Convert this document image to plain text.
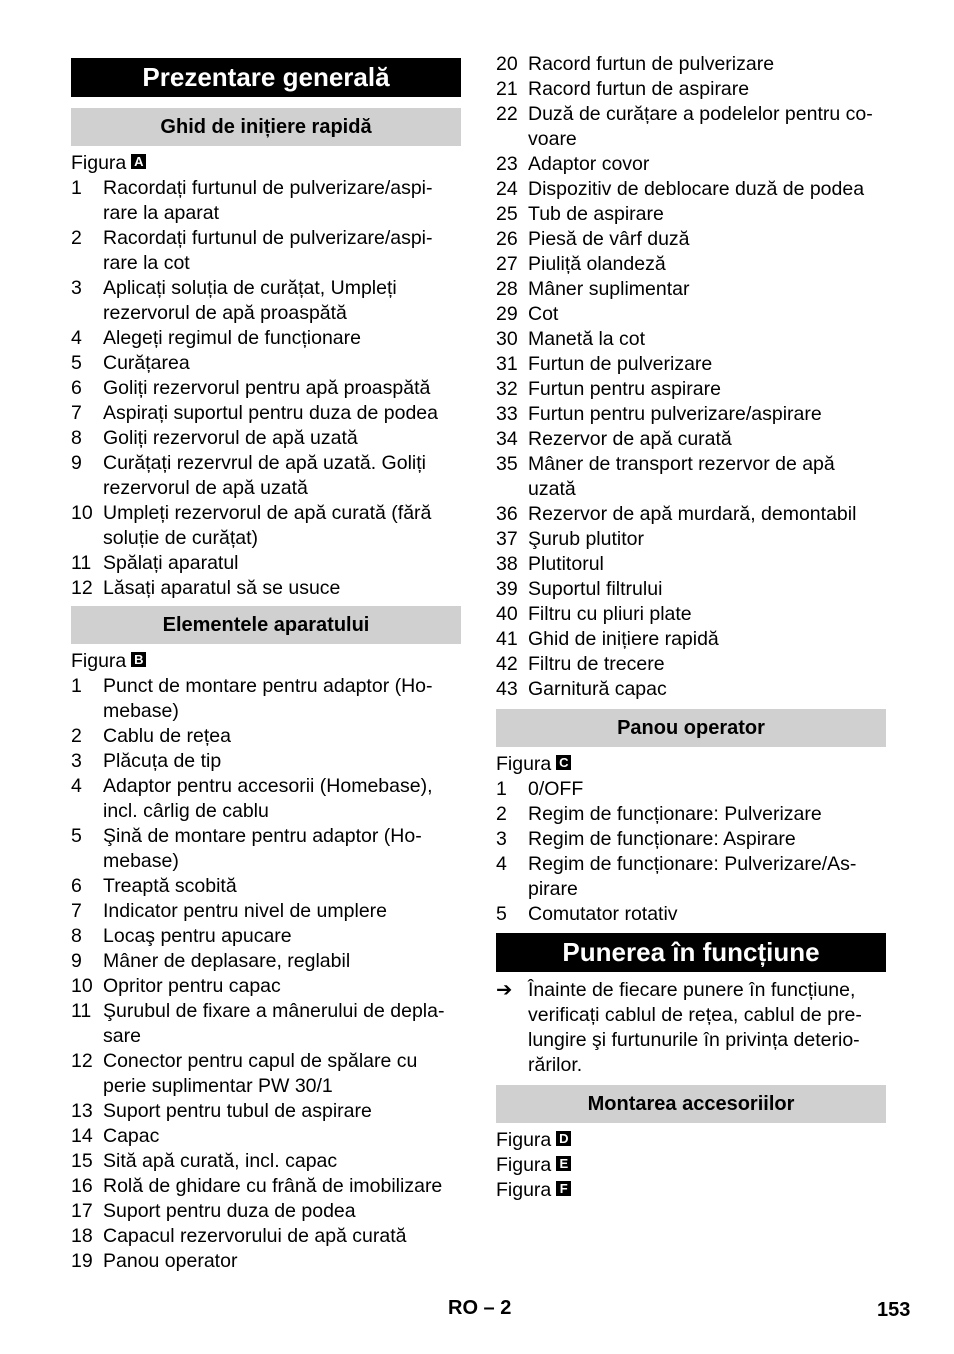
Prezentare generală
Ghid de inițiere rapidă
Figura A
1	Racordați furtunul de pulverizare/aspi-rare la aparat
2	Racordați furtunul de pulverizare/aspi-rare la cot
3	Aplicați soluția de curățat, Umpleți rezervorul de apă proaspătă
4	Alegeți regimul de funcționare
5	Curățarea
6	Goliți rezervorul pentru apă proaspătă
7	Aspirați suportul pentru duza de podea
8	Goliți rezervorul de apă uzată
9	Curățați rezervrul de apă uzată. Goliți rezervorul de apă uzată
10 Umpleți rezervorul de apă curată (fără soluție de curățat)
11 Spălați aparatul
12 Lăsați aparatul să se usuce
Elementele aparatului
Figura B
1	Punct de montare pentru adaptor (Ho-mebase)
2	Cablu de rețea
3	Plăcuța de tip
4	Adaptor pentru accesorii (Homebase), incl. cârlig de cablu
5	Şină de montare pentru adaptor (Ho-mebase)
6	Treaptă scobită
7	Indicator pentru nivel de umplere
8	Locaş pentru apucare
9	Mâner de deplasare, reglabil
10 Opritor pentru capac
11 Şurubul de fixare a mânerului de depla-sare
12 Conector pentru capul de spălare cu perie suplimentar PW 30/1
13 Suport pentru tubul de aspirare
14 Capac
15 Sită apă curată, incl. capac
16 Rolă de ghidare cu frână de imobilizare
17 Suport pentru duza de podea
18 Capacul rezervorului de apă curată
19 Panou operator
20 Racord furtun de pulverizare
21 Racord furtun de aspirare
22 Duză de curățare a podelelor pentru co-voare
23 Adaptor covor
24 Dispozitiv de deblocare duză de podea
25 Tub de aspirare
26 Piesă de vârf duză
27 Piuliță olandeză
28 Mâner suplimentar
29 Cot
30 Manetă la cot
31 Furtun de pulverizare
32 Furtun pentru aspirare
33 Furtun pentru pulverizare/aspirare
34 Rezervor de apă curată
35 Mâner de transport rezervor de apă uzată
36 Rezervor de apă murdară, demontabil
37 Şurub plutitor
38 Plutitorul
39 Suportul filtrului
40 Filtru cu pliuri plate
41 Ghid de inițiere rapidă
42 Filtru de trecere
43 Garnitură capac
Panou operator
Figura C
1	0/OFF
2	Regim de funcționare: Pulverizare
3	Regim de funcționare: Aspirare
4	Regim de funcționare: Pulverizare/As-pirare
5	Comutator rotativ
Punerea în funcțiune
➔ Înainte de fiecare punere în funcțiune, verificați cablul de rețea, cablul de pre-lungire şi furtunurile în privința deterio-rărilor.
Montarea accesoriilor
Figura D
Figura E
Figura F
RO – 2	153
